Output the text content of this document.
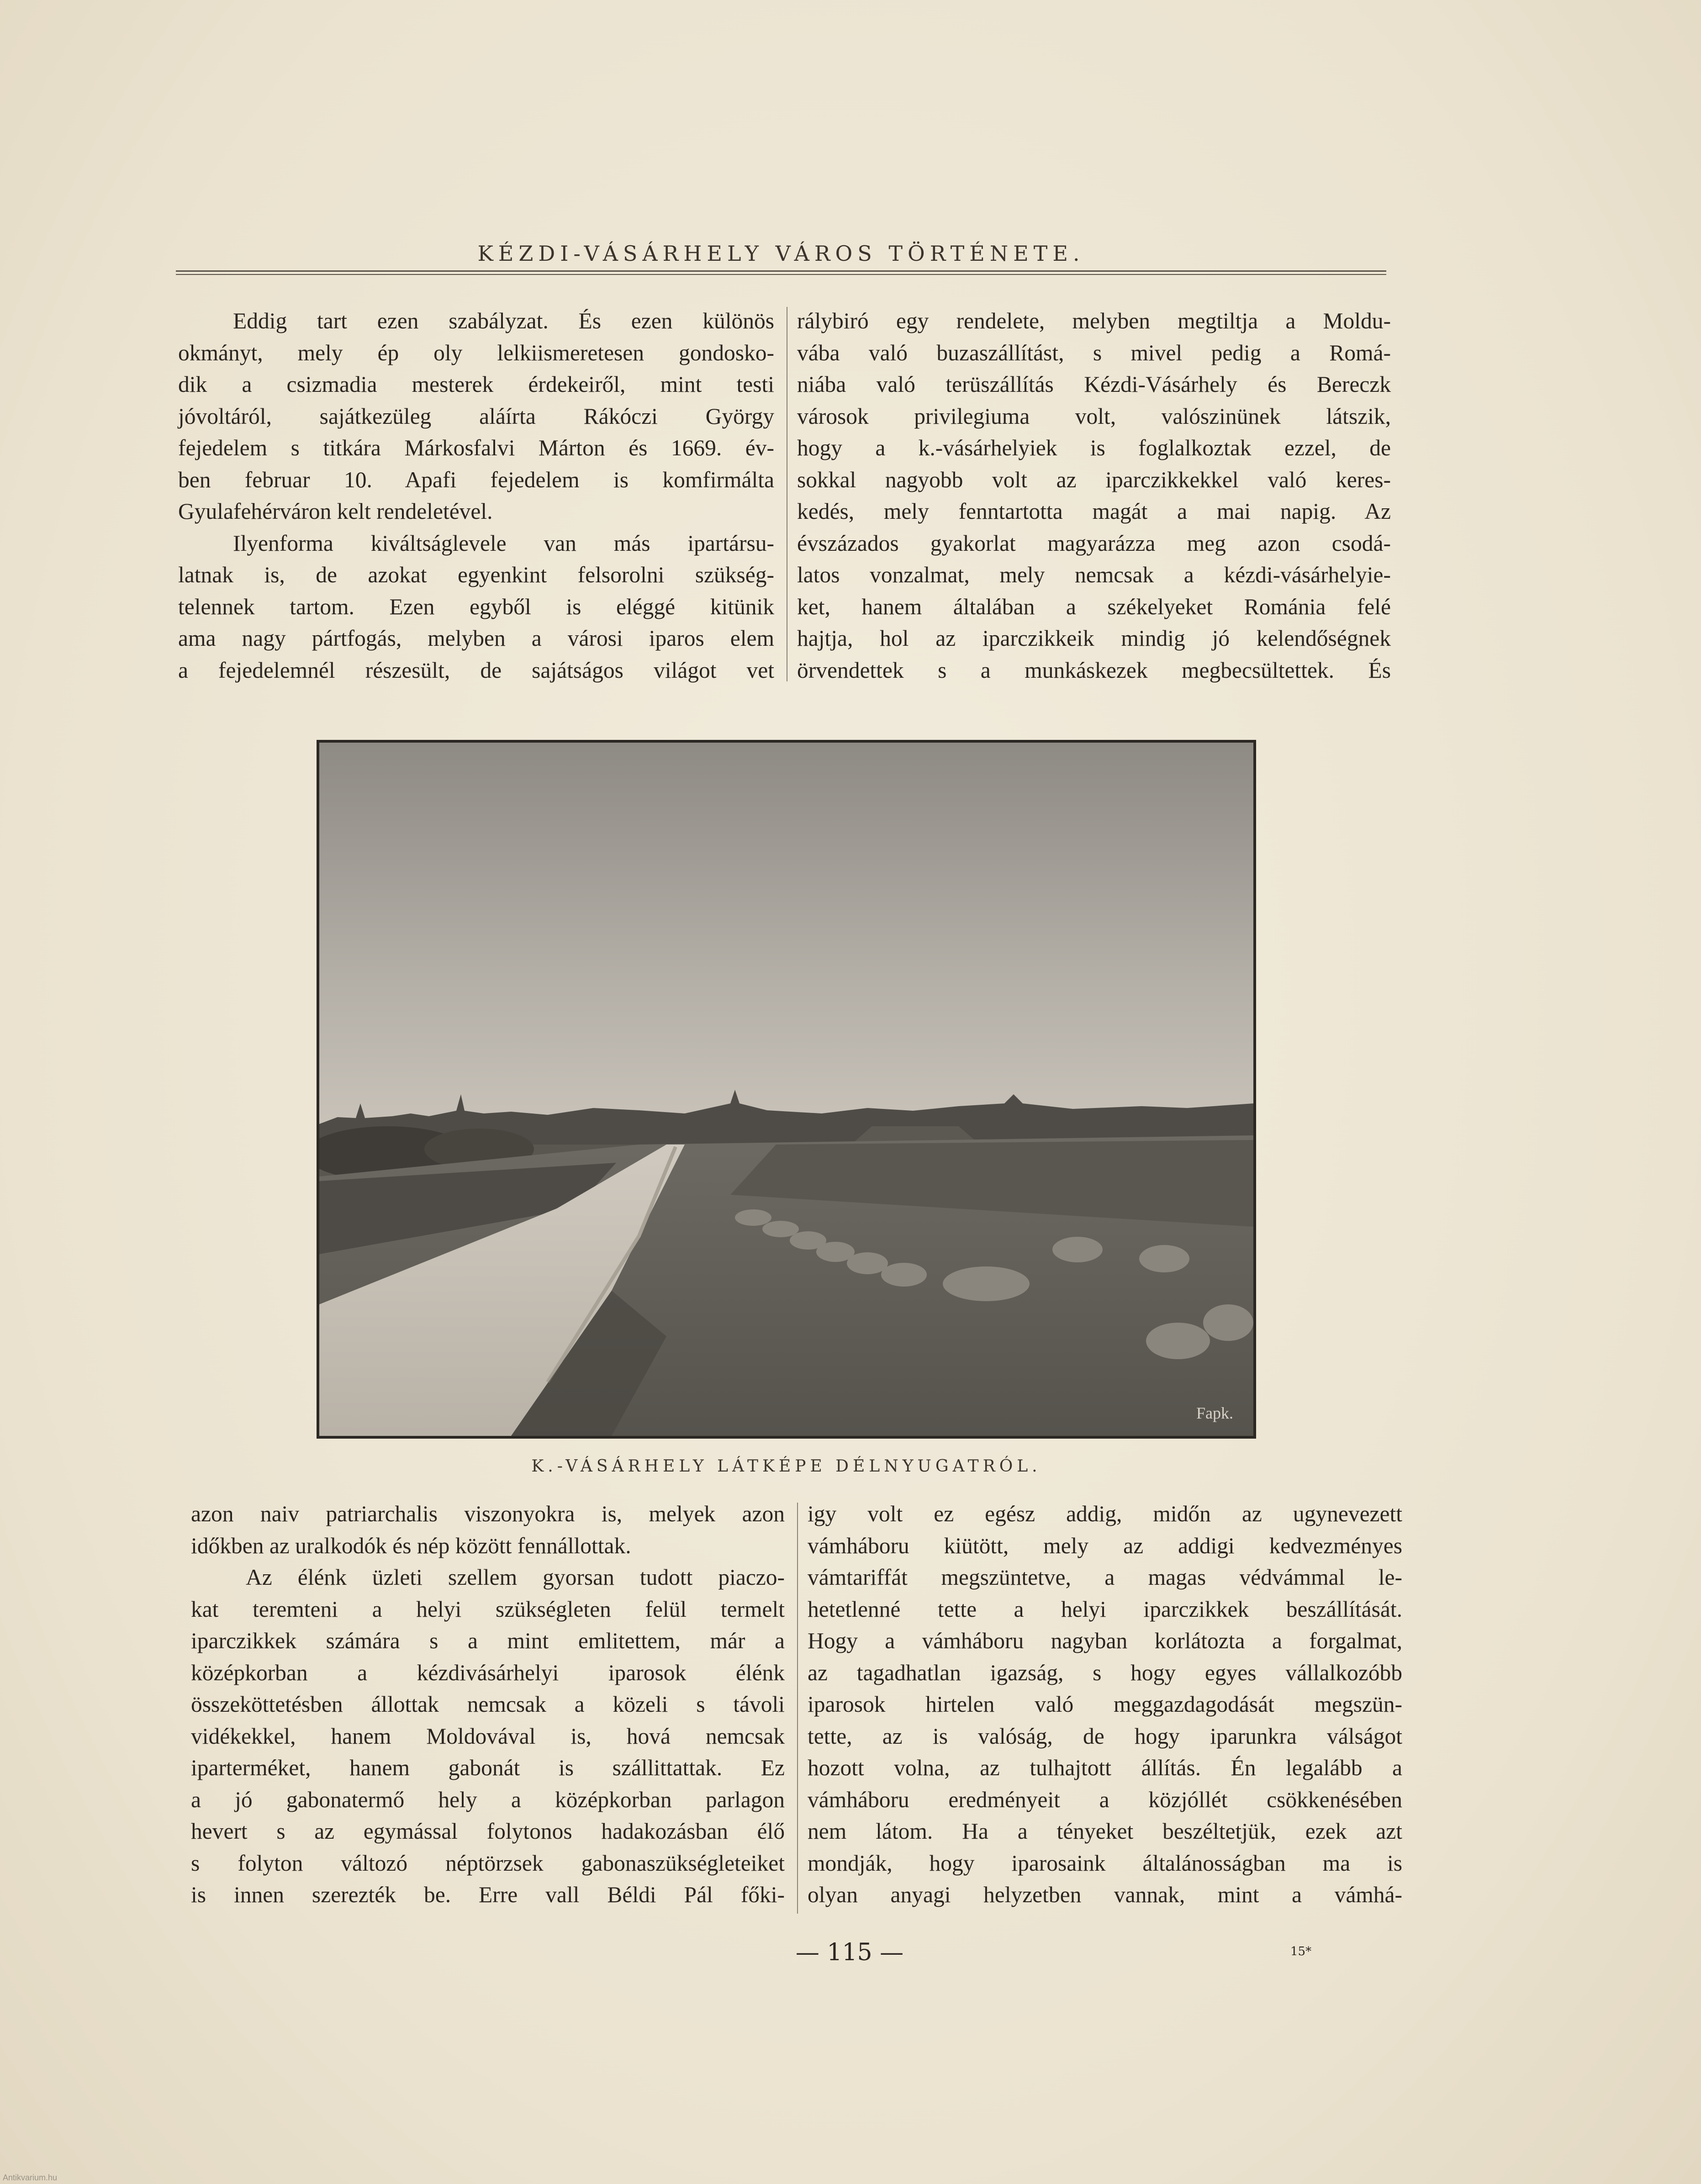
KÉZDI-VÁSÁRHELY VÁROS TÖRTÉNETE.
Eddig tart ezen szabályzat. És ezen különös
okmányt, mely ép oly lelkiismeretesen gondosko-
dik a csizmadia mesterek érdekeiről, mint testi
jóvoltáról, sajátkezüleg aláírta Rákóczi György
fejedelem s titkára Márkosfalvi Márton és 1669. év-
ben februar 10. Apafi fejedelem is komfirmálta
Gyulafehérváron kelt rendeletével.
Ilyenforma kiváltságlevele van más ipartársu-
latnak is, de azokat egyenkint felsorolni szükség-
telennek tartom. Ezen egyből is eléggé kitünik
ama nagy pártfogás, melyben a városi iparos elem
a fejedelemnél részesült, de sajátságos világot vet
rálybiró egy rendelete, melyben megtiltja a Moldu-
vába való buzaszállítást, s mivel pedig a Romá-
niába való terüszállítás Kézdi-Vásárhely és Bereczk
városok privilegiuma volt, valószinünek látszik,
hogy a k.-vásárhelyiek is foglalkoztak ezzel, de
sokkal nagyobb volt az iparczikkekkel való keres-
kedés, mely fenntartotta magát a mai napig. Az
évszázados gyakorlat magyarázza meg azon csodá-
latos vonzalmat, mely nemcsak a kézdi-vásárhelyie-
ket, hanem általában a székelyeket Románia felé
hajtja, hol az iparczikkeik mindig jó kelendőségnek
örvendettek s a munkáskezek megbecsültettek. És
Fapk.
K.-VÁSÁRHELY LÁTKÉPE DÉLNYUGATRÓL.
azon naiv patriarchalis viszonyokra is, melyek azon
időkben az uralkodók és nép között fennállottak.
Az élénk üzleti szellem gyorsan tudott piaczo-
kat teremteni a helyi szükségleten felül termelt
iparczikkek számára s a mint emlitettem, már a
középkorban a kézdivásárhelyi iparosok élénk
összeköttetésben állottak nemcsak a közeli s távoli
vidékekkel, hanem Moldovával is, hová nemcsak
iparterméket, hanem gabonát is szállittattak. Ez
a jó gabonatermő hely a középkorban parlagon
hevert s az egymással folytonos hadakozásban élő
s folyton változó néptörzsek gabonaszükségleteiket
is innen szerezték be. Erre vall Béldi Pál főki-
igy volt ez egész addig, midőn az ugynevezett
vámháboru kiütött, mely az addigi kedvezményes
vámtariffát megszüntetve, a magas védvámmal le-
hetetlenné tette a helyi iparczikkek beszállítását.
Hogy a vámháboru nagyban korlátozta a forgalmat,
az tagadhatlan igazság, s hogy egyes vállalkozóbb
iparosok hirtelen való meggazdagodását megszün-
tette, az is valóság, de hogy iparunkra válságot
hozott volna, az tulhajtott állítás. Én legalább a
vámháboru eredményeit a közjóllét csökkenésében
nem látom. Ha a tényeket beszéltetjük, ezek azt
mondják, hogy iparosaink általánosságban ma is
olyan anyagi helyzetben vannak, mint a vámhá-
— 115 —	15*
Antikvarium.hu
